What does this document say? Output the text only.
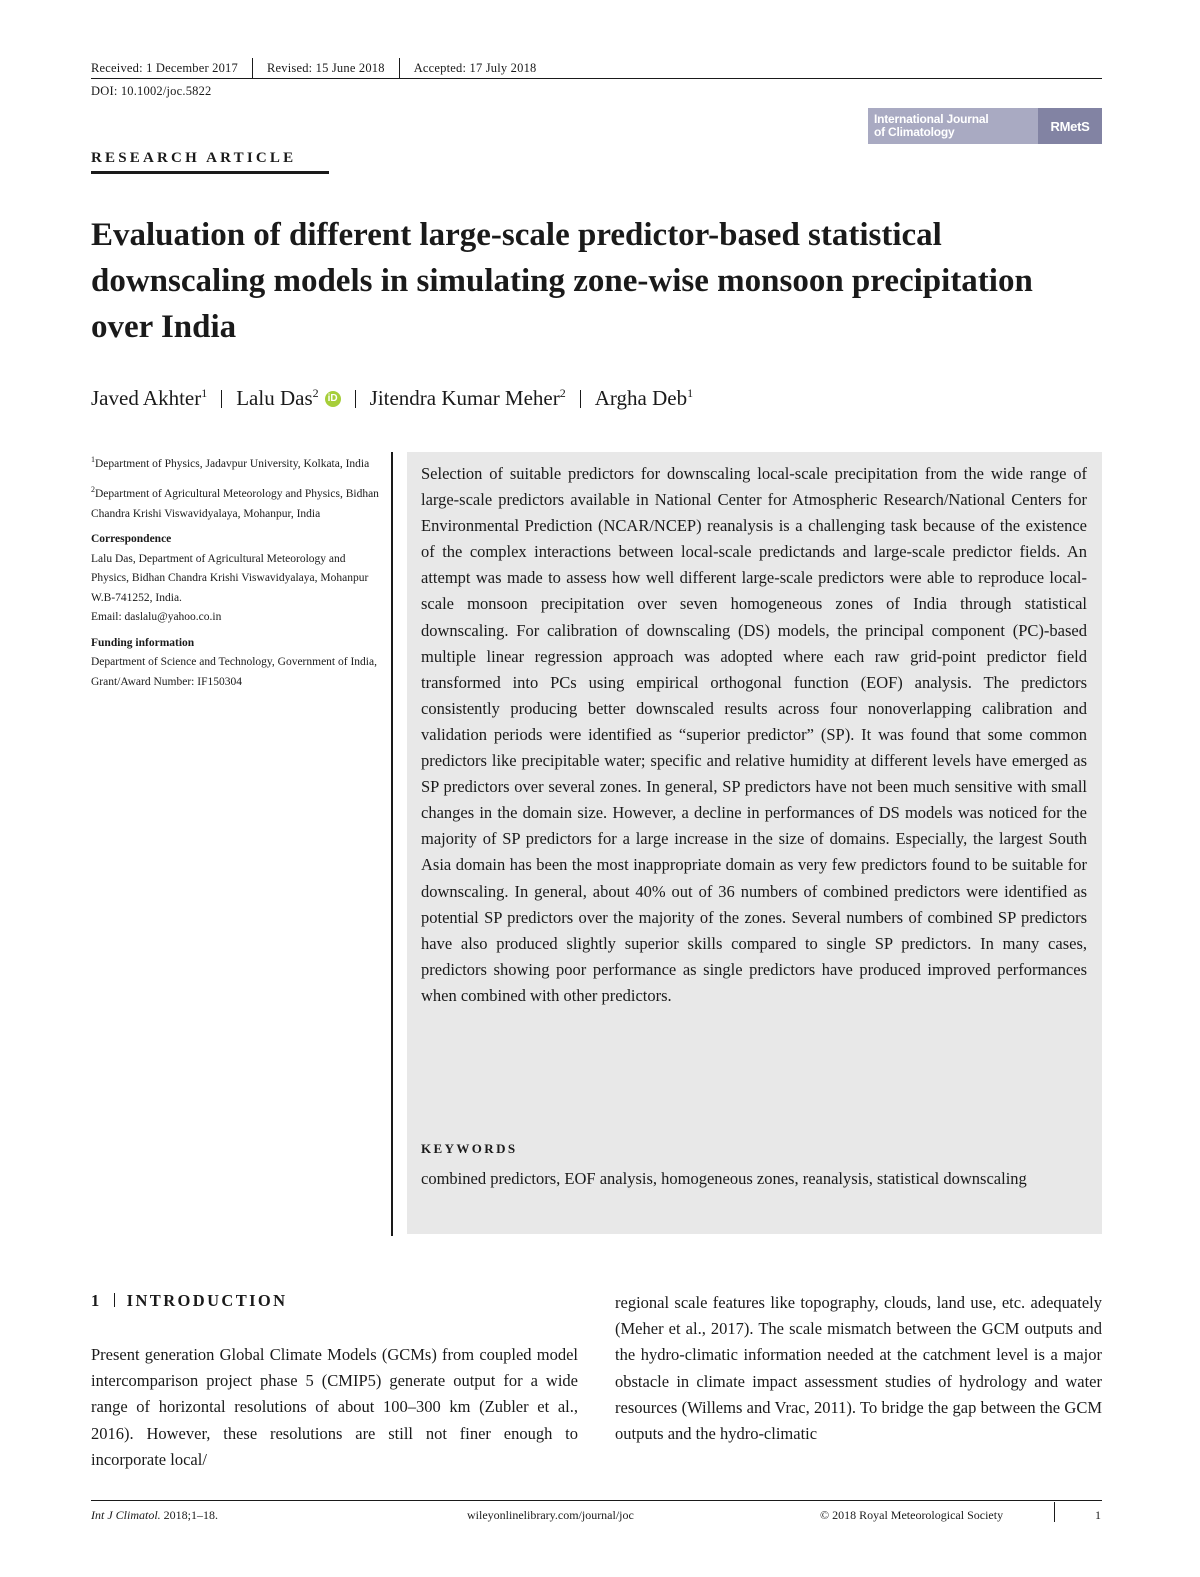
Received: 1 December 2017 Revised: 15 June 2018 Accepted: 17 July 2018
DOI: 10.1002/joc.5822
International Journal
of Climatology	RMetS
RESEARCH ARTICLE
Evaluation of different large-scale predictor-based statistical downscaling models in simulating zone-wise monsoon precipitation over India
Javed Akhter$^1$ Lalu Das$^2$ iD Jitendra Kumar Meher$^2$ Argha Deb$^1$

$^1$Department of Physics, Jadavpur University, Kolkata, India

$^2$Department of Agricultural Meteorology and Physics, Bidhan Chandra Krishi Viswavidyalaya, Mohanpur, India

Correspondence
Lalu Das, Department of Agricultural Meteorology and Physics, Bidhan Chandra Krishi Viswavidyalaya, Mohanpur W.B-741252, India.
Email: daslalu@yahoo.co.in

Funding information
Department of Science and Technology, Government of India, Grant/Award Number: IF150304

Selection of suitable predictors for downscaling local-scale precipitation from the wide range of large-scale predictors available in National Center for Atmospheric Research/National Centers for Environmental Prediction (NCAR/NCEP) reanalysis is a challenging task because of the existence of the complex interactions between local-scale predictands and large-scale predictor fields. An attempt was made to assess how well different large-scale predictors were able to reproduce local-scale monsoon precipitation over seven homogeneous zones of India through statistical downscaling. For calibration of downscaling (DS) models, the principal component (PC)-based multiple linear regression approach was adopted where each raw grid-point predictor field transformed into PCs using empirical orthogonal function (EOF) analysis. The predictors consistently producing better downscaled results across four nonoverlapping calibration and validation periods were identified as “superior predictor” (SP). It was found that some common predictors like precipitable water; specific and relative humidity at different levels have emerged as SP predictors over several zones. In general, SP predictors have not been much sensitive with small changes in the domain size. However, a decline in performances of DS models was noticed for the majority of SP predictors for a large increase in the size of domains. Especially, the largest South Asia domain has been the most inappropriate domain as very few predictors found to be suitable for downscaling. In general, about 40% out of 36 numbers of combined predictors were identified as potential SP predictors over the majority of the zones. Several numbers of combined SP predictors have also produced slightly superior skills compared to single SP predictors. In many cases, predictors showing poor performance as single predictors have produced improved performances when combined with other predictors.

KEYWORDS

combined predictors, EOF analysis, homogeneous zones, reanalysis, statistical downscaling

1 INTRODUCTION

Present generation Global Climate Models (GCMs) from coupled model intercomparison project phase 5 (CMIP5) generate output for a wide range of horizontal resolutions of about 100–300 km (Zubler et al., 2016). However, these resolutions are still not finer enough to incorporate local/

regional scale features like topography, clouds, land use, etc. adequately (Meher et al., 2017). The scale mismatch between the GCM outputs and the hydro-climatic information needed at the catchment level is a major obstacle in climate impact assessment studies of hydrology and water resources (Willems and Vrac, 2011). To bridge the gap between the GCM outputs and the hydro-climatic

Int J Climatol. 2018;1–18.	wileyonlinelibrary.com/journal/joc	© 2018 Royal Meteorological Society	1
